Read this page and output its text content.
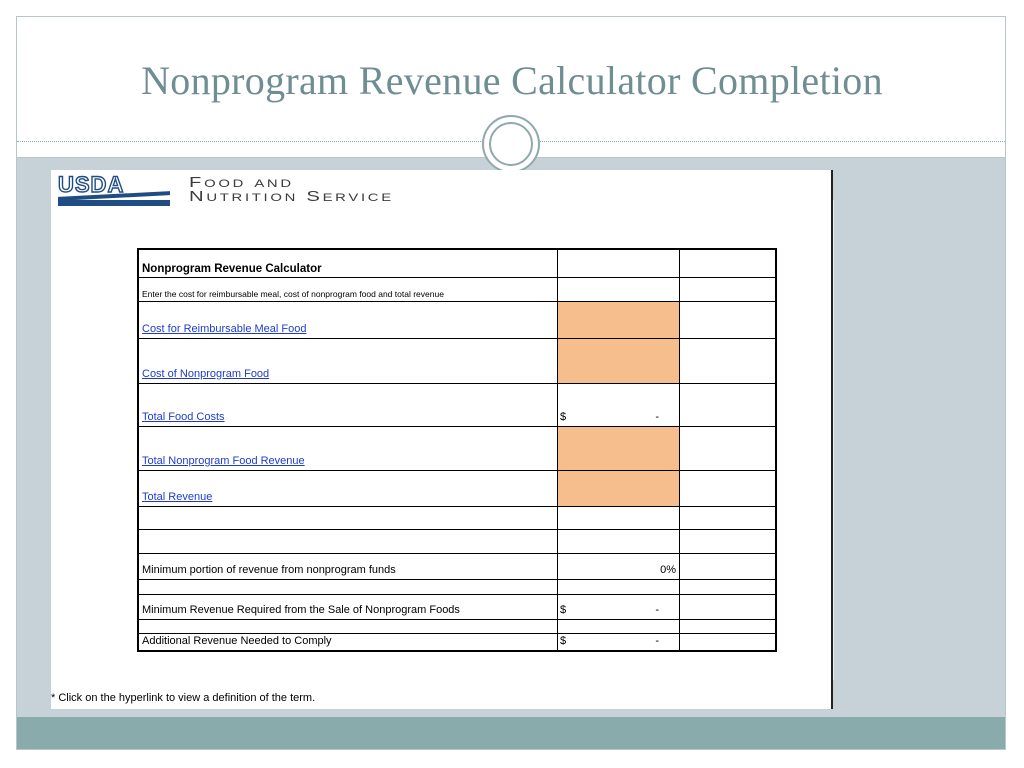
Nonprogram Revenue Calculator Completion
USDA	Food and
Nutrition Service
Nonprogram Revenue Calculator		
Enter the cost for reimbursable meal, cost of nonprogram food and total revenue		
Cost for Reimbursable Meal Food		
Cost of Nonprogram Food		
Total Food Costs	$ -	

Total Nonprogram Food Revenue		
Total Revenue		

Minimum portion of revenue from nonprogram funds	0%	

Minimum Revenue Required from the Sale of Nonprogram Foods	$ -	

Additional Revenue Needed to Comply	$ -	

* Click on the hyperlink to view a definition of the term.
